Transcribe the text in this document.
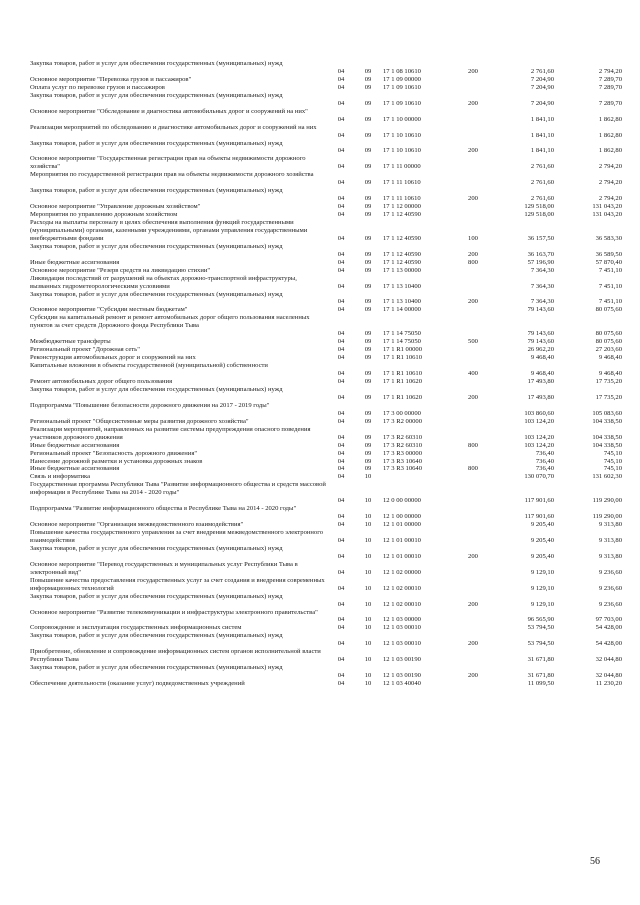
Закупка товаров, работ и услуг для обеспечения государственных (муниципальных) нужд
04	09	17 1 08 10610	200	2 761,60	2 794,20
Основное мероприятие "Перевозка грузов и пассажиров"	04	09	17 1 09 00000	7 204,90	7 289,70
Оплата услуг по перевозке грузов и пассажиров	04	09	17 1 09 10610	7 204,90	7 289,70
Закупка товаров, работ и услуг для обеспечения государственных (муниципальных) нужд
04	09	17 1 09 10610	200	7 204,90	7 289,70
Основное мероприятие "Обследование и диагностика автомобильных дорог и сооружений на них"
04	09	17 1 10 00000	1 841,10	1 862,80
Реализация мероприятий по обследованию и диагностике автомобильных дорог и сооружений на них
04	09	17 1 10 10610	1 841,10	1 862,80
Закупка товаров, работ и услуг для обеспечения государственных (муниципальных) нужд
04	09	17 1 10 10610	200	1 841,10	1 862,80
Основное мероприятие "Государственная регистрация прав на объекты недвижимости дорожного хозяйства"	04	09	17 1 11 00000	2 761,60	2 794,20
Мероприятия по государственной регистрации прав на объекты недвижимости дорожного хозяйства
04	09	17 1 11 10610	2 761,60	2 794,20
Закупка товаров, работ и услуг для обеспечения государственных (муниципальных) нужд
04	09	17 1 11 10610	200	2 761,60	2 794,20
Основное мероприятие "Управление дорожным хозяйством"	04	09	17 1 12 00000	129 518,00	131 043,20
Мероприятия по управлению дорожным хозяйством	04	09	17 1 12 40590	129 518,00	131 043,20
Расходы на выплаты персоналу в целях обеспечения выполнения функций государственными (муниципальными) органами, казенными учреждениями, органами управления государственными внебюджетными фондами	04	09	17 1 12 40590	100	36 157,50	36 583,30
Закупка товаров, работ и услуг для обеспечения государственных (муниципальных) нужд
04	09	17 1 12 40590	200	36 163,70	36 589,50
Иные бюджетные ассигнования	04	09	17 1 12 40590	800	57 196,90	57 870,40
Основное мероприятие "Резерв средств на ликвидацию стихии"	04	09	17 1 13 00000	7 364,30	7 451,10
Ликвидация последствий от разрушений на объектах дорожно-транспортной инфраструктуры, вызванных гидрометеорологическими условиями	04	09	17 1 13 10400	7 364,30	7 451,10
Закупка товаров, работ и услуг для обеспечения государственных (муниципальных) нужд
04	09	17 1 13 10400	200	7 364,30	7 451,10
Основное мероприятие "Субсидии местным бюджетам"	04	09	17 1 14 00000	79 143,60	80 075,60
Субсидии на капитальный ремонт и ремонт автомобильных дорог общего пользования населенных пунктов за счет средств Дорожного фонда Республики Тыва
04	09	17 1 14 75050	79 143,60	80 075,60
Межбюджетные трансферты	04	09	17 1 14 75050	500	79 143,60	80 075,60
Региональный проект "Дорожная сеть"	04	09	17 1 R1 00000	26 962,20	27 203,60
Реконструкция автомобильных дорог и сооружений на них	04	09	17 1 R1 10610	9 468,40	9 468,40
Капитальные вложения в объекты государственной (муниципальной) собственности
04	09	17 1 R1 10610	400	9 468,40	9 468,40
Ремонт автомобильных дорог общего пользования	04	09	17 1 R1 10620	17 493,80	17 735,20
Закупка товаров, работ и услуг для обеспечения государственных (муниципальных) нужд
04	09	17 1 R1 10620	200	17 493,80	17 735,20
Подпрограмма "Повышение безопасности дорожного движения на 2017 - 2019 годы"
04	09	17 3 00 00000	103 860,60	105 083,60
Региональный проект "Общесистемные меры развития дорожного хозяйства"	04	09	17 3 R2 00000	103 124,20	104 338,50
Реализация мероприятий, направленных на развитие системы предупреждения опасного поведения участников дорожного движения	04	09	17 3 R2 60310	103 124,20	104 338,50
Иные бюджетные ассигнования	04	09	17 3 R2 60310	800	103 124,20	104 338,50
Региональный проект "Безопасность дорожного движения"	04	09	17 3 R3 00000	736,40	745,10
Нанесение дорожной разметки и установка дорожных знаков	04	09	17 3 R3 10640	736,40	745,10
Иные бюджетные ассигнования	04	09	17 3 R3 10640	800	736,40	745,10
Связь и информатика	04	10	130 070,70	131 602,30
Государственная программа Республики Тыва "Развитие информационного общества и средств массовой информации в Республике Тыва на 2014 - 2020 годы"
04	10	12 0 00 00000	117 901,60	119 290,00
Подпрограмма "Развитие информационного общества в Республике Тыва на 2014 - 2020 годы"
04	10	12 1 00 00000	117 901,60	119 290,00
Основное мероприятие "Организация межведомственного взаимодействия"	04	10	12 1 01 00000	9 205,40	9 313,80
Повышение качества государственного управления за счет внедрения межведомственного электронного взаимодействия	04	10	12 1 01 00010	9 205,40	9 313,80
Закупка товаров, работ и услуг для обеспечения государственных (муниципальных) нужд
04	10	12 1 01 00010	200	9 205,40	9 313,80
Основное мероприятие "Перевод государственных и муниципальных услуг Республики Тыва в электронный вид"	04	10	12 1 02 00000	9 129,10	9 236,60
Повышение качества предоставления государственных услуг за счет создания и внедрения современных информационных технологий	04	10	12 1 02 00010	9 129,10	9 236,60
Закупка товаров, работ и услуг для обеспечения государственных (муниципальных) нужд
04	10	12 1 02 00010	200	9 129,10	9 236,60
Основное мероприятие "Развитие телекоммуникации и инфраструктуры электронного правительства"
04	10	12 1 03 00000	96 565,90	97 703,00
Сопровождение и эксплуатация государственных информационных систем	04	10	12 1 03 00010	53 794,50	54 428,00
Закупка товаров, работ и услуг для обеспечения государственных (муниципальных) нужд
04	10	12 1 03 00010	200	53 794,50	54 428,00
Приобретение, обновление и сопровождение информационных систем органов исполнительной власти Республики Тыва	04	10	12 1 03 00190	31 671,80	32 044,80
Закупка товаров, работ и услуг для обеспечения государственных (муниципальных) нужд
04	10	12 1 03 00190	200	31 671,80	32 044,80
Обеспечение деятельности (оказание услуг) подведомственных учреждений	04	10	12 1 03 40040	11 099,50	11 230,20
56
